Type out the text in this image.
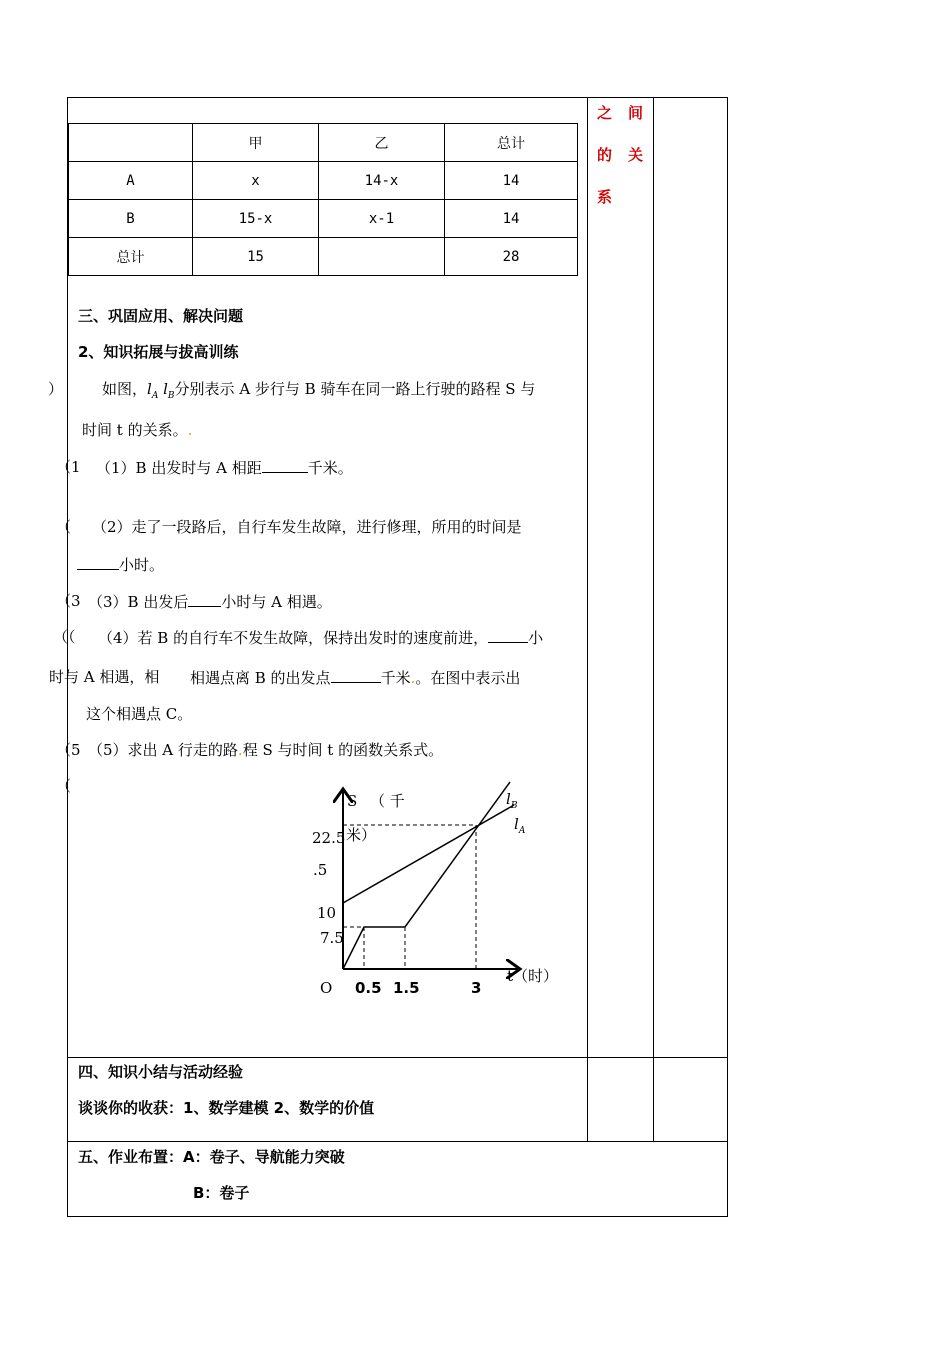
之 间
的 关
系
	甲	乙	总计
A	x	14-x	14
B	15-x	x-1	14
总计	15		28
三、巩固应用、解决问题
2、知识拓展与拔高训练
）	如图，$l_A$ $l_B$分别表示 A 步行与 B 骑车在同一路上行驶的路程 S 与
时间 t 的关系。.
（1 （1）B 出发时与 A 相距	千米。
（ （2）走了一段路后，自行车发生故障，进行修理，所用的时间是
小时。
（3 （3）B 出发后 小时与 A 相遇。
（（ （4）若 B 的自行车不发生故障，保持出发时的速度前进，	小
时与 A 相遇，相 相遇点离 B 的出发点	千米.。在图中表示出
这个相遇点 C。
（5 （5）求出 A 行走的路.程 S 与时间 t 的函数关系式。
（
S （ 千
米）
$l_B$
$l_A$
22.5
.5
10
7.5
O 0.5 1.5	3
t（时）
四、知识小结与活动经验
谈谈你的收获：1、数学建模 2、数学的价值
五、作业布置：A：卷子、导航能力突破
B：卷子
